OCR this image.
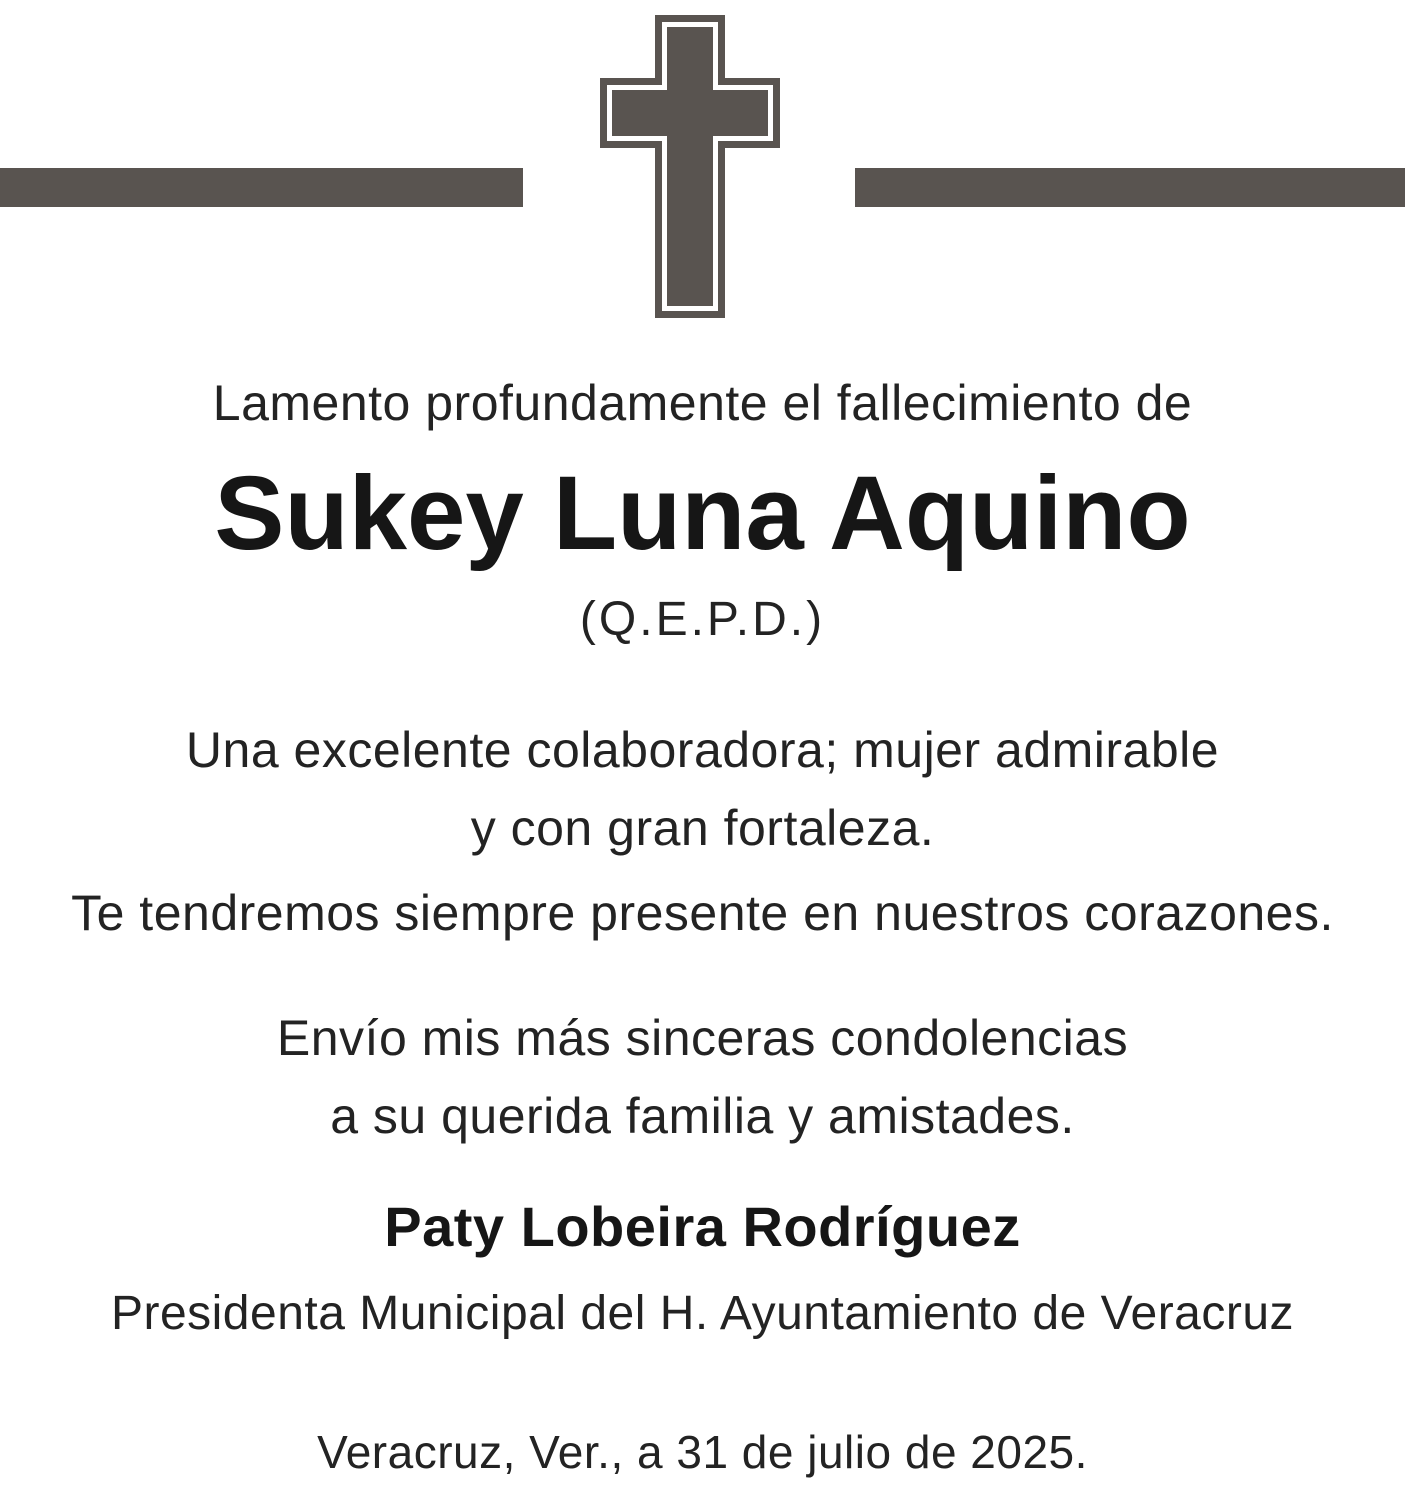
Lamento profundamente el fallecimiento de
Sukey Luna Aquino
(Q.E.P.D.)
Una excelente colaboradora; mujer admirable
y con gran fortaleza.
Te tendremos siempre presente en nuestros corazones.
Envío mis más sinceras condolencias
a su querida familia y amistades.
Paty Lobeira Rodríguez
Presidenta Municipal del H. Ayuntamiento de Veracruz
Veracruz, Ver., a 31 de julio de 2025.
